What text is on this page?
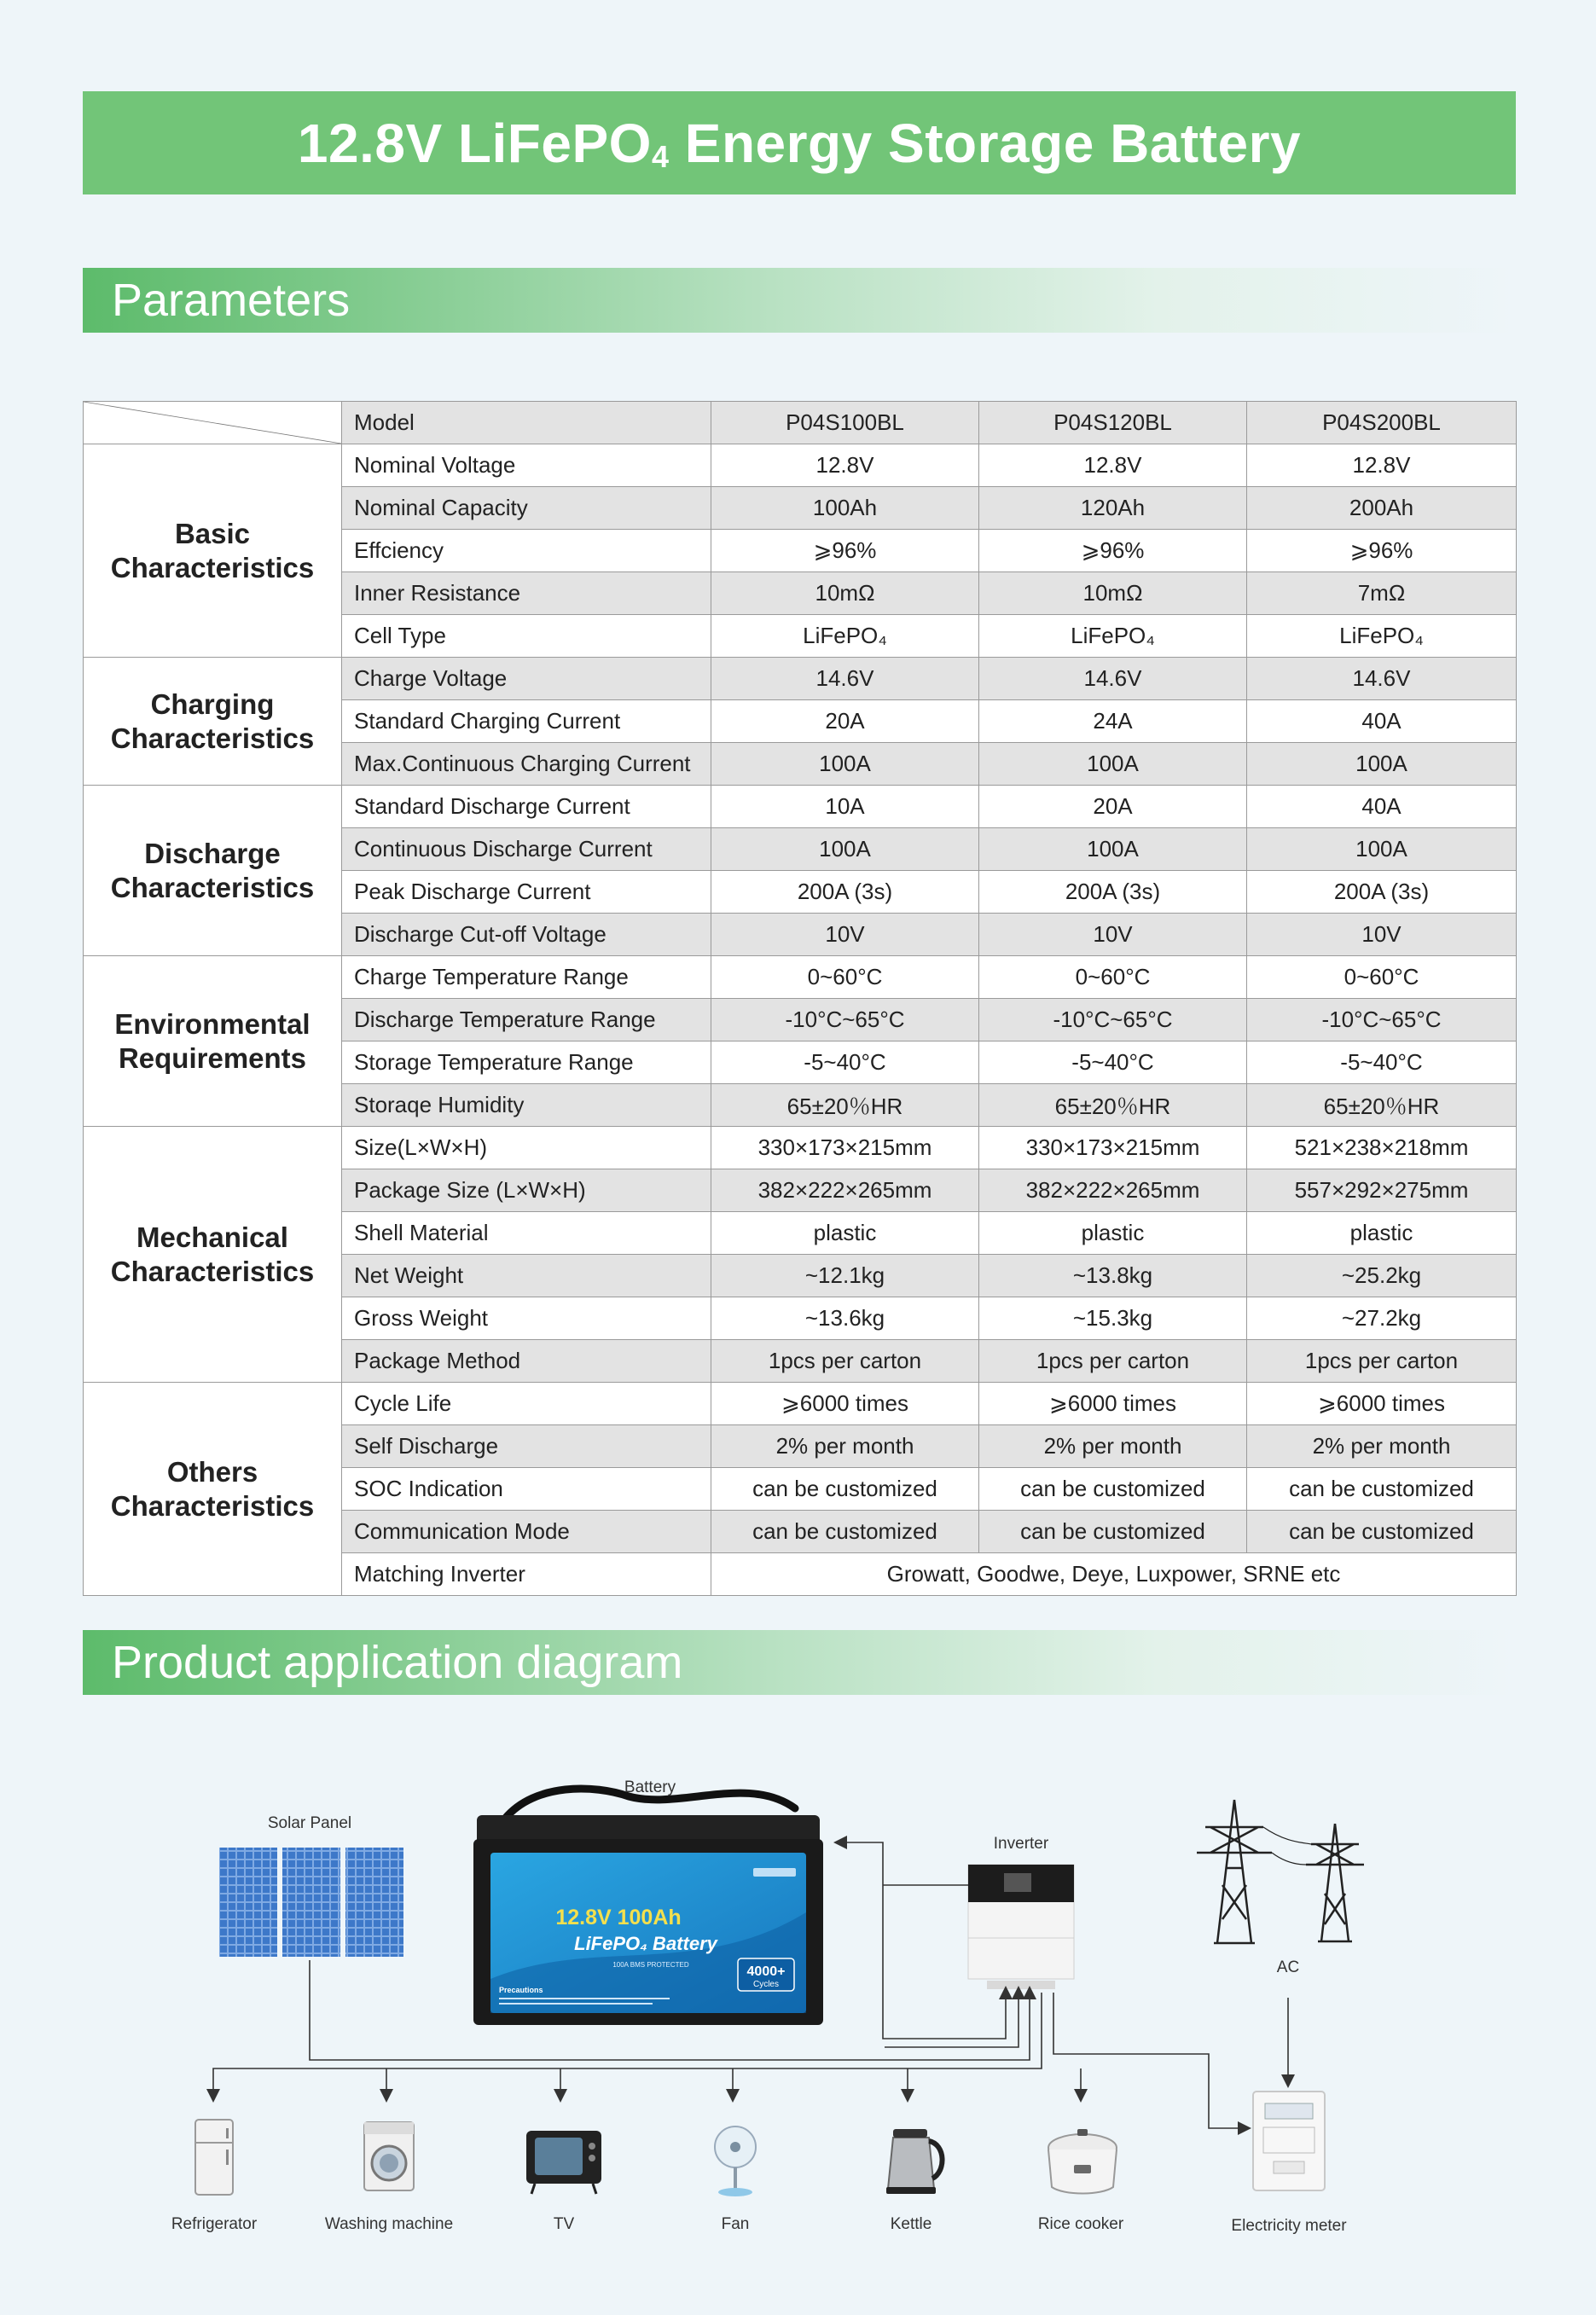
12.8V LiFePO$_4$ Energy Storage Battery
Parameters
	Model	P04S100BL	P04S120BL	P04S200BL

Basic
Characteristics	Nominal Voltage	12.8V	12.8V	12.8V
	Nominal Capacity	100Ah	120Ah	200Ah
	Effciency	⩾96%	⩾96%	⩾96%
	Inner Resistance	10mΩ	10mΩ	7mΩ
	Cell Type	LiFePO₄	LiFePO₄	LiFePO₄

Charging
Characteristics	Charge Voltage	14.6V	14.6V	14.6V
	Standard Charging Current	20A	24A	40A
	Max.Continuous Charging Current	100A	100A	100A

Discharge
Characteristics	Standard Discharge Current	10A	20A	40A
	Continuous Discharge Current	100A	100A	100A
	Peak Discharge Current	200A (3s)	200A (3s)	200A (3s)
	Discharge Cut-off Voltage	10V	10V	10V

Environmental
Requirements	Charge Temperature Range	0~60°C	0~60°C	0~60°C
	Discharge Temperature Range	-10°C~65°C	-10°C~65°C	-10°C~65°C
	Storage Temperature Range	-5~40°C	-5~40°C	-5~40°C
	Storaqe Humidity	65±20％HR	65±20％HR	65±20％HR

Mechanical
Characteristics	Size(L×W×H)	330×173×215mm	330×173×215mm	521×238×218mm
	Package Size (L×W×H)	382×222×265mm	382×222×265mm	557×292×275mm
	Shell Material	plastic	plastic	plastic
	Net Weight	~12.1kg	~13.8kg	~25.2kg
	Gross Weight	~13.6kg	~15.3kg	~27.2kg
	Package Method	1pcs per carton	1pcs per carton	1pcs per carton

Others
Characteristics	Cycle Life	⩾6000 times	⩾6000 times	⩾6000 times
	Self Discharge	2% per month	2% per month	2% per month
	SOC Indication	can be customized	can be customized	can be customized
	Communication Mode	can be customized	can be customized	can be customized
	Matching Inverter	Growatt, Goodwe, Deye, Luxpower, SRNE etc		
Product application diagram
12.8V 100Ah
LiFePO₄ Battery
100A BMS PROTECTED	4000+
Cycles
Precautions
Solar Panel
Battery
Inverter
AC
Electricity meter
Refrigerator	Washing machine	TV	Fan	Kettle	Rice cooker
